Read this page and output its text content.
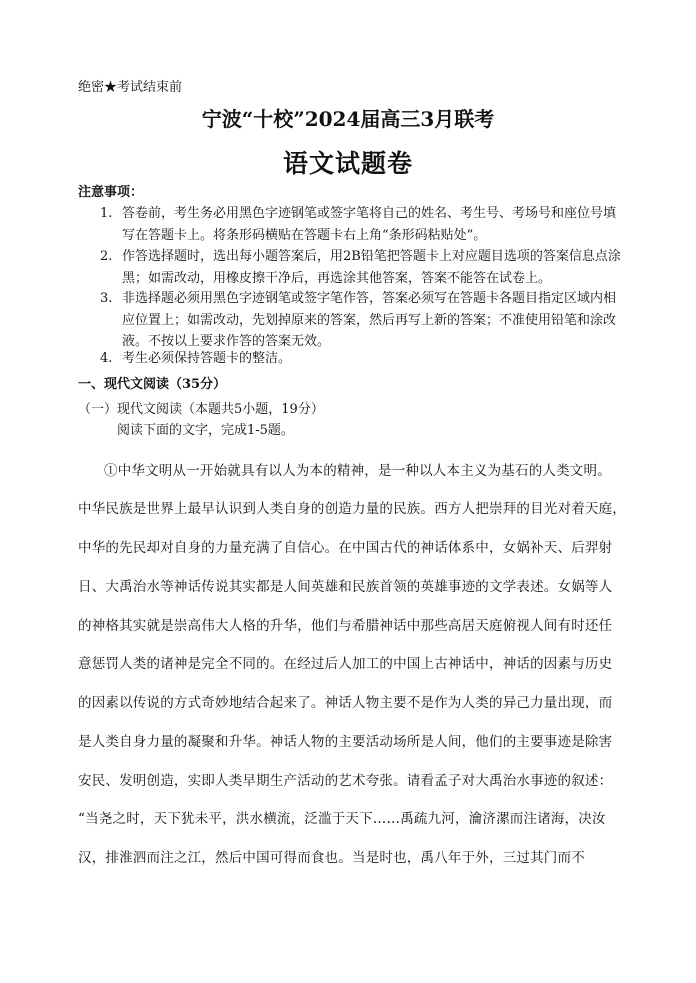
绝密★考试结束前
宁波“十校”2024届高三3月联考
语文试题卷
注意事项：
1. 答卷前，考生务必用黑色字迹钢笔或签字笔将自己的姓名、考生号、考场号和座位号填写在答题卡上。将条形码横贴在答题卡右上角“条形码粘贴处”。
2. 作答选择题时，选出每小题答案后，用2B铅笔把答题卡上对应题目选项的答案信息点涂黑；如需改动，用橡皮擦干净后，再选涂其他答案，答案不能答在试卷上。
3. 非选择题必须用黑色字迹钢笔或签字笔作答，答案必须写在答题卡各题目指定区域内相应位置上；如需改动，先划掉原来的答案，然后再写上新的答案；不准使用铅笔和涂改液。不按以上要求作答的答案无效。
4. 考生必须保持答题卡的整洁。
一、现代文阅读（35分）
（一）现代文阅读（本题共5小题，19分）
阅读下面的文字，完成1-5题。
①中华文明从一开始就具有以人为本的精神，是一种以人本主义为基石的人类文明。
中华民族是世界上最早认识到人类自身的创造力量的民族。西方人把崇拜的目光对着天庭，
中华的先民却对自身的力量充满了自信心。在中国古代的神话体系中，女娲补天、后羿射
日、大禹治水等神话传说其实都是人间英雄和民族首领的英雄事迹的文学表述。女娲等人
的神格其实就是崇高伟大人格的升华，他们与希腊神话中那些高居天庭俯视人间有时还任
意惩罚人类的诸神是完全不同的。在经过后人加工的中国上古神话中，神话的因素与历史
的因素以传说的方式奇妙地结合起来了。神话人物主要不是作为人类的异己力量出现，而
是人类自身力量的凝聚和升华。神话人物的主要活动场所是人间，他们的主要事迹是除害
安民、发明创造，实即人类早期生产活动的艺术夸张。请看孟子对大禹治水事迹的叙述：
“当尧之时，天下犹未平，洪水横流，泛滥于天下……禹疏九河，瀹济漯而注诸海，决汝
汉，排淮泗而注之江，然后中国可得而食也。当是时也，禹八年于外，三过其门而不
